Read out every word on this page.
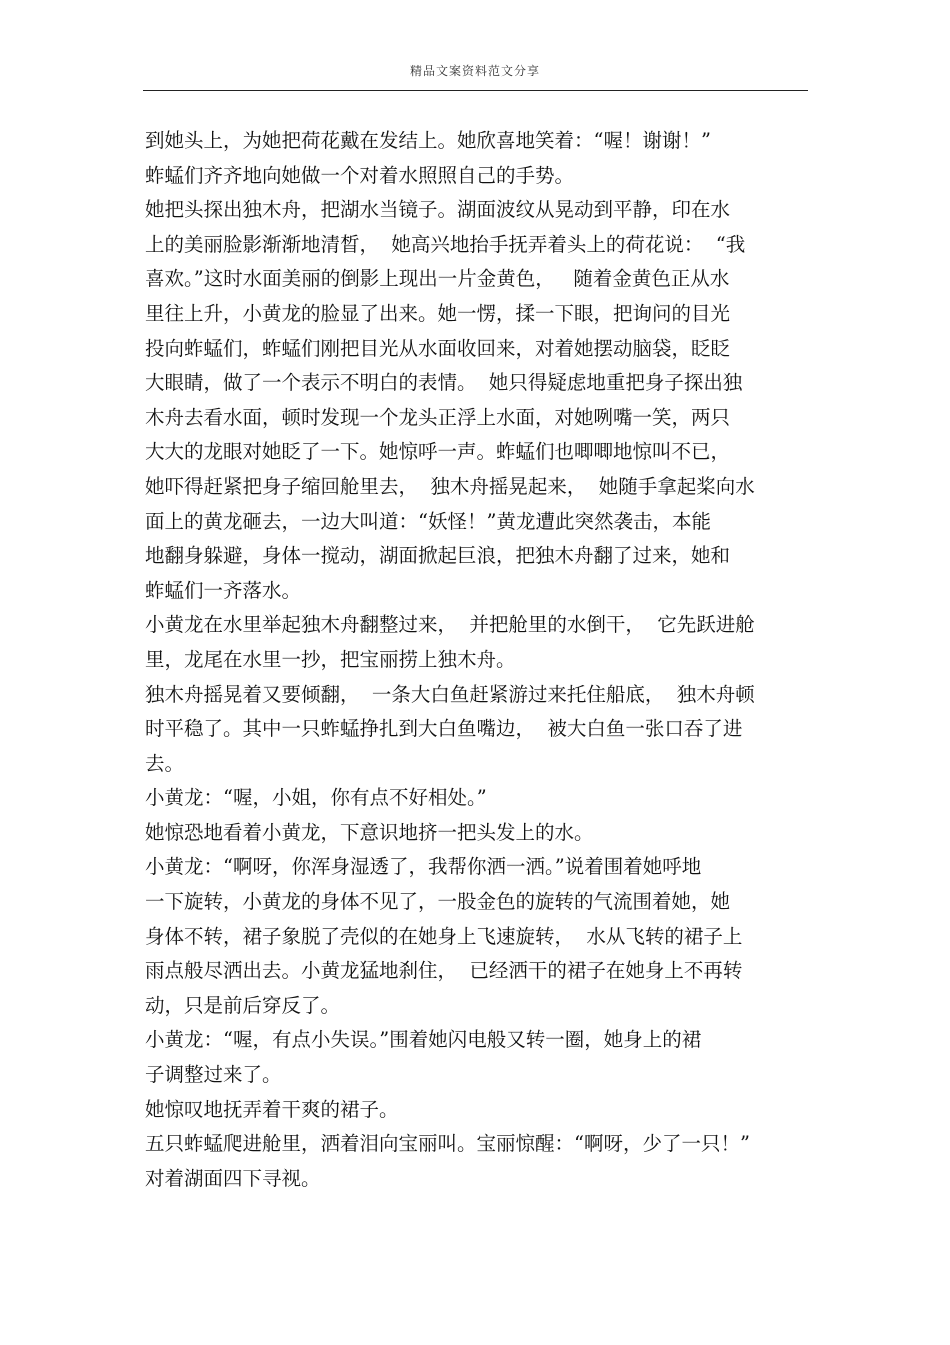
精品文案资料范文分享
到她头上，为她把荷花戴在发结上。她欣喜地笑着：“喔！谢谢！”
蚱蜢们齐齐地向她做一个对着水照照自己的手势。
她把头探出独木舟，把湖水当镜子。湖面波纹从晃动到平静，印在水
上的美丽脸影渐渐地清晳，  她高兴地抬手抚弄着头上的荷花说：  “我
喜欢。”这时水面美丽的倒影上现出一片金黄色，   随着金黄色正从水
里往上升，小黄龙的脸显了出来。她一愣，揉一下眼，把询问的目光
投向蚱蜢们，蚱蜢们刚把目光从水面收回来，对着她摆动脑袋，眨眨
大眼睛，做了一个表示不明白的表情。  她只得疑虑地重把身子探出独
木舟去看水面，顿时发现一个龙头正浮上水面，对她咧嘴一笑，两只
大大的龙眼对她眨了一下。她惊呼一声。蚱蜢们也唧唧地惊叫不已，
她吓得赶紧把身子缩回舱里去，  独木舟摇晃起来，  她随手拿起桨向水
面上的黄龙砸去，一边大叫道：“妖怪！”黄龙遭此突然袭击，本能
地翻身躲避，身体一搅动，湖面掀起巨浪，把独木舟翻了过来，她和
蚱蜢们一齐落水。
小黄龙在水里举起独木舟翻整过来，  并把舱里的水倒干，  它先跃进舱
里，龙尾在水里一抄，把宝丽捞上独木舟。
独木舟摇晃着又要倾翻，  一条大白鱼赶紧游过来托住船底，  独木舟顿
时平稳了。其中一只蚱蜢挣扎到大白鱼嘴边，  被大白鱼一张口吞了进
去。
小黄龙：“喔，小姐，你有点不好相处。”
她惊恐地看着小黄龙，下意识地挤一把头发上的水。
小黄龙：“啊呀，你浑身湿透了，我帮你洒一洒。”说着围着她呼地
一下旋转，小黄龙的身体不见了，一股金色的旋转的气流围着她，她
身体不转，裙子象脱了壳似的在她身上飞速旋转，  水从飞转的裙子上
雨点般尽洒出去。小黄龙猛地刹住，  已经洒干的裙子在她身上不再转
动，只是前后穿反了。
小黄龙：“喔，有点小失误。”围着她闪电般又转一圈，她身上的裙
子调整过来了。
她惊叹地抚弄着干爽的裙子。
五只蚱蜢爬进舱里，洒着泪向宝丽叫。宝丽惊醒：“啊呀，少了一只！”
对着湖面四下寻视。
